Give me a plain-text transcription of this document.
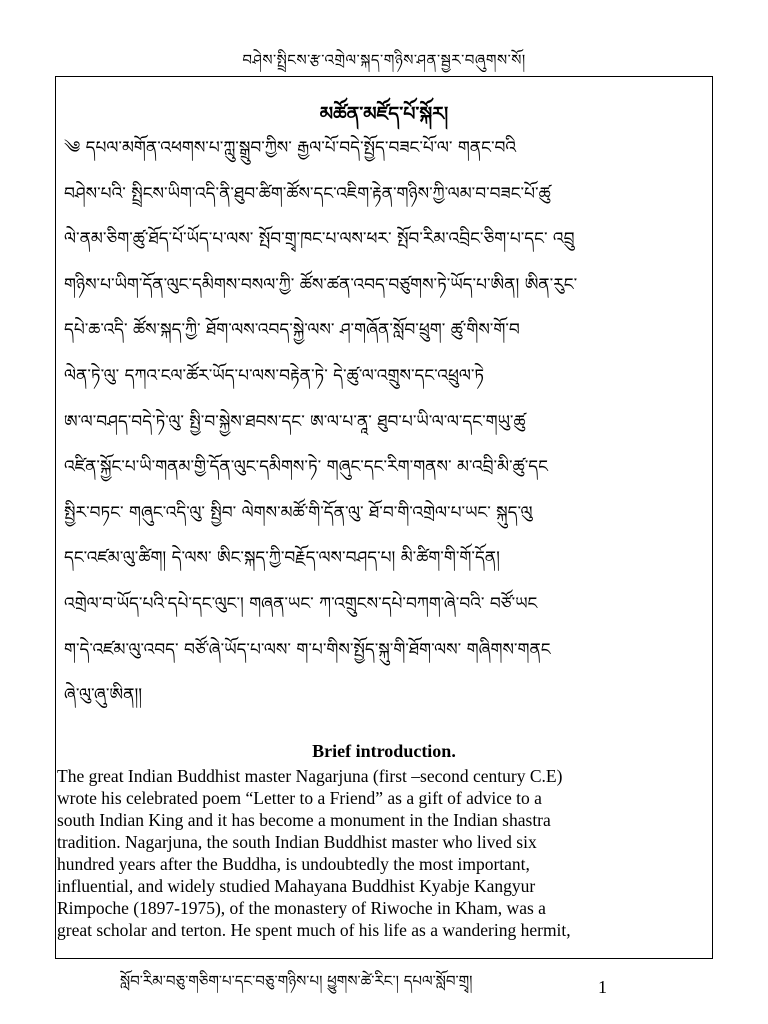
བཤེས་སྤྲིངས་རྩ་འགྲེལ་སྐད་གཉིས་ཤན་སྦྱར་བཞུགས་སོ།
མཚོན་མཛོད་པོ་སྐོར།
༄ དཔལ་མགོན་འཕགས་པ་ཀླུ་སྒྲུབ་ཀྱིས་ རྒྱལ་པོ་བདེ་སྤྱོད་བཟང་པོ་ལ་ གནང་བའི
བཤེས་པའི་ སྤྲིངས་ཡིག་འདི་ནི་ཐུབ་ཚིག་ཚོས་དང་འཇིག་རྟེན་གཉིས་ཀྱི་ལམ་བ་བཟང་པོ་ཚུ
ལེ་ནམ་ཅིག་ཚུ་ཐོད་པོ་ཡོད་པ་ལས་ སྤོབ་གྲྭ་ཁང་པ་ལས་ཕར་ སྤོབ་རིམ་འབྲིང་ཅིག་པ་དང་ འབྲུ
གཉིས་པ་ཡིག་དོན་ལུང་དམིགས་བསལ་ཀྱི་ ཚོས་ཚན་འབད་བཙུགས་ཏེ་ཡོད་པ་ཨིན། ཨིན་རུང་
དཔེ་ཆ་འདི་ ཚོས་སྐད་ཀྱི་ ཐོག་ལས་འབད་སྐྱེ་ལས་ ཤ་གཞོན་སློབ་ཕྲུག་ ཚུ་གིས་གོ་བ
ལེན་ཏེ་ལུ་ དཀའ་ངལ་ཚོར་ཡོད་པ་ལས་བརྟེན་ཏེ་ དེ་ཚུ་ལ་འགྲུས་དང་འཕྲུལ་ཏེ
ཨ་ལ་བཤད་བདེ་ཏེ་ལུ་ སྤྱི་བ་སྐྱེས་ཐབས་དང་ ཨ་ལ་པ་ནཱ་ ཐུབ་པ་ཡི་ལ་ལ་དང་གཡུ་ཚུ
འཛིན་སྐྱོང་པ་ཡི་གནམ་གྱི་དོན་ལུང་དམིགས་ཏེ་ གཞུང་དང་རིག་གནས་ མ་འབྲི་མི་ཚུ་དང
སྤྱིར་བཏང་ གཞུང་འདི་ལུ་ སྤྱིབ་ ལེགས་མཚོ་གི་དོན་ལུ་ ཐོ་བ་གི་འགྲེལ་པ་ཡང་ སྐུད་ལུ
དང་འཛམ་ལུ་ཚིག། དེ་ལས་ ཨིང་སྐད་ཀྱི་བརྗོད་ལས་བཤད་པ། མི་ཚིག་གི་གོ་དོན།
འགྲེལ་བ་ཡོད་པའི་དཔེ་དང་ལུང་། གཞན་ཡང་ ཀ་འགྲུངས་དཔེ་བཀག་ཞེ་བའི་ བཙོ་ཡང
ག་དེ་འཛམ་ལུ་འབད་ བཙོ་ཞེ་ཡོད་པ་ལས་ ག་པ་གིས་སྤྱོད་སྐུ་གི་ཐོག་ལས་ གཞིགས་གནང
ཞེ་ལུ་ཞུ་ཨིན།།
Brief introduction.
The great Indian Buddhist master Nagarjuna (first –second century C.E)
wrote his celebrated poem “Letter to a Friend” as a gift of advice to a
south Indian King and it has become a monument in the Indian shastra
tradition. Nagarjuna, the south Indian Buddhist master who lived six
hundred years after the Buddha, is undoubtedly the most important,
influential, and widely studied Mahayana Buddhist Kyabje Kangyur
Rimpoche (1897-1975), of the monastery of Riwoche in Kham, was a
great scholar and terton. He spent much of his life as a wandering hermit,
སློབ་རིམ་བཅུ་གཅིག་པ་དང་བཅུ་གཉིས་པ། ཕྱུགས་ཚེ་རིང་། དཔལ་སློབ་གྲྭ།	1
